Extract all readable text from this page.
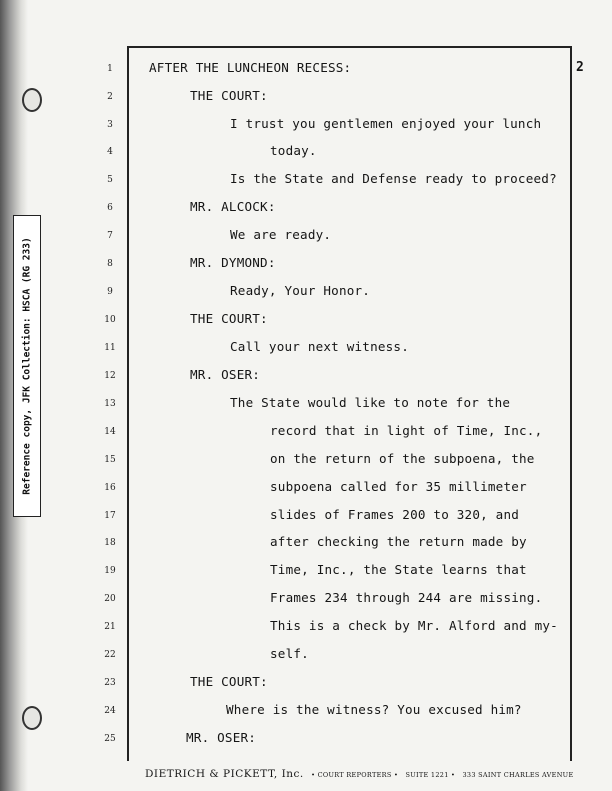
Reference copy, JFK Collection: HSCA (RG 233)
2
1	AFTER THE LUNCHEON RECESS:
2	THE COURT:
3	I trust you gentlemen enjoyed your lunch
4	today.
5	Is the State and Defense ready to proceed?
6	MR. ALCOCK:
7	We are ready.
8	MR. DYMOND:
9	Ready, Your Honor.
10	THE COURT:
11	Call your next witness.
12	MR. OSER:
13	The State would like to note for the
14	record that in light of Time, Inc.,
15	on the return of the subpoena, the
16	subpoena called for 35 millimeter
17	slides of Frames 200 to 320, and
18	after checking the return made by
19	Time, Inc., the State learns that
20	Frames 234 through 244 are missing.
21	This is a check by Mr. Alford and my-
22	self.
23	THE COURT:
24	Where is the witness? You excused him?
25	MR. OSER:
DIETRICH & PICKETT, Inc. • COURT REPORTERS • SUITE 1221 • 333 SAINT CHARLES AVENUE
